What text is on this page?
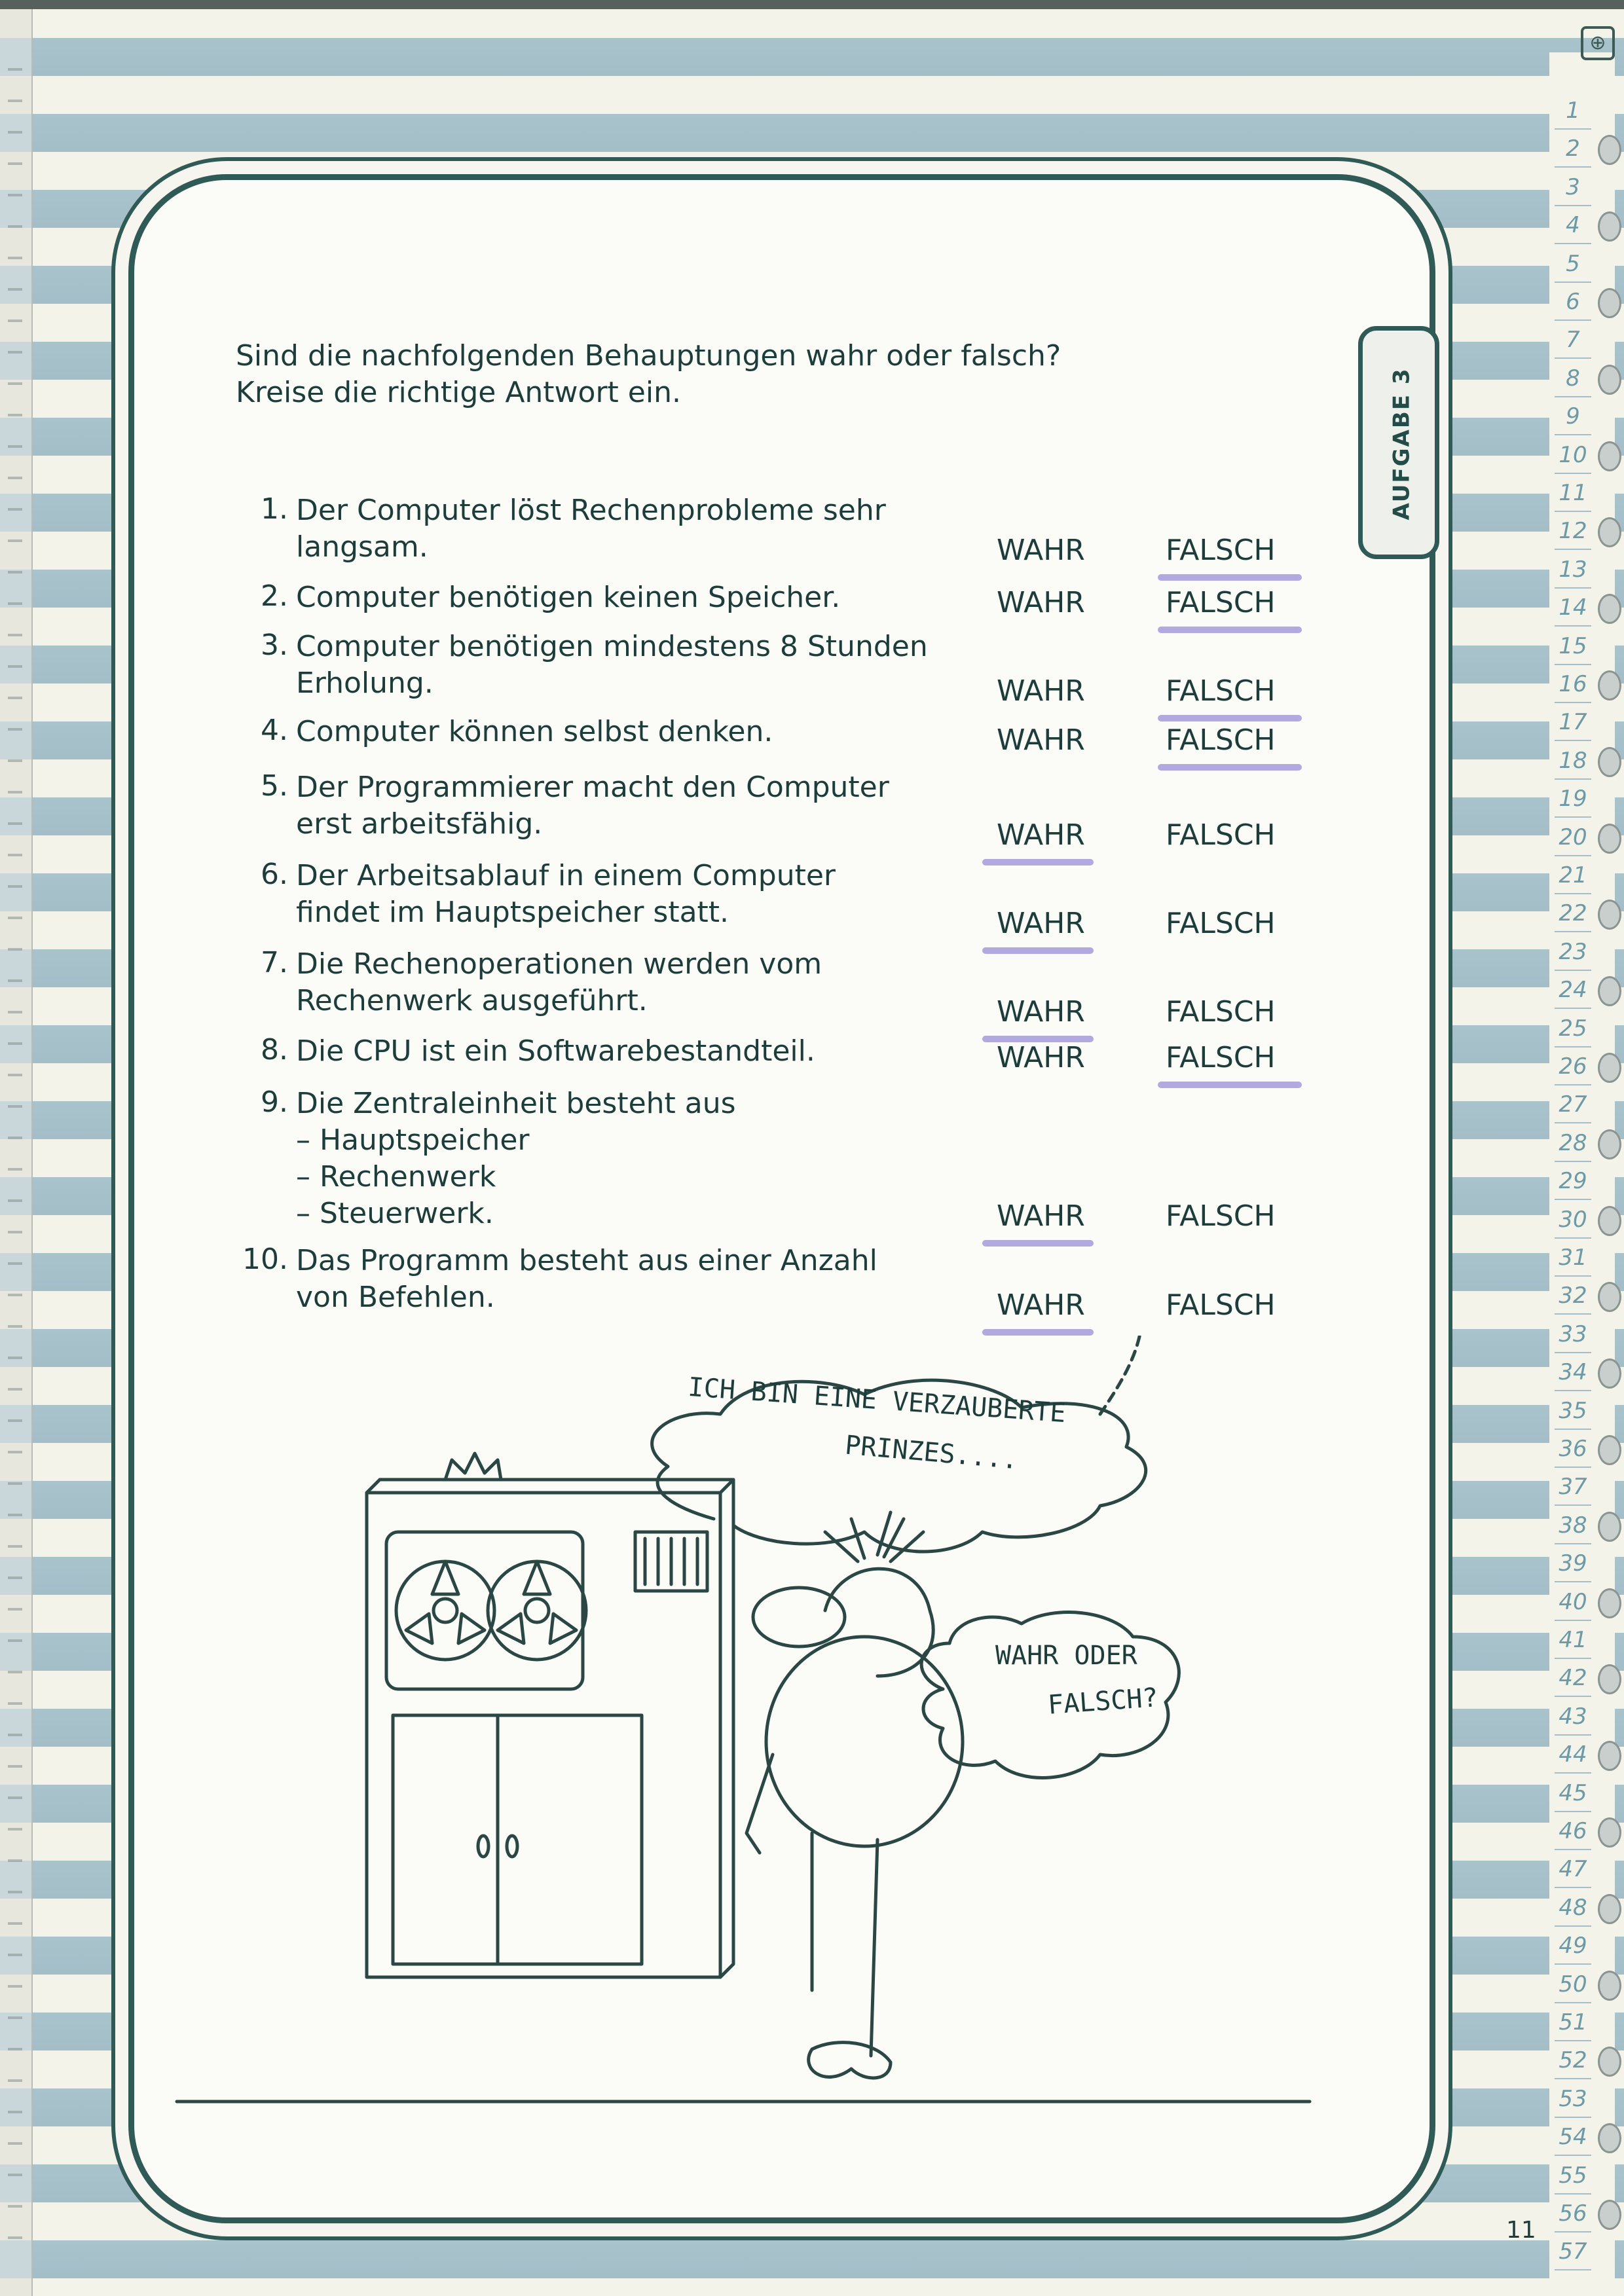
1
2
3
4
5
6
7
8
9
10
11
12
13
14
15
16
17
18
19
20
21
22
23
24
25
26
27
28
29
30
31
32
33
34
35
36
37
38
39
40
41
42
43
44
45
46
47
48
49
50
51
52
53
54
55
56
57
⊕
AUFGABE 3
Sind die nachfolgenden Behauptungen wahr oder falsch?
Kreise die richtige Antwort ein.
1. Der Computer löst Rechenprobleme sehr
langsam.	WAHR	FALSCH
2. Computer benötigen keinen Speicher.	WAHR	FALSCH
3. Computer benötigen mindestens 8 Stunden
Erholung.	WAHR	FALSCH
4. Computer können selbst denken.	WAHR	FALSCH
5. Der Programmierer macht den Computer
erst arbeitsfähig.	WAHR	FALSCH
6. Der Arbeitsablauf in einem Computer
findet im Hauptspeicher statt.	WAHR	FALSCH
7. Die Rechenoperationen werden vom
Rechenwerk ausgeführt.	WAHR	FALSCH
8. Die CPU ist ein Softwarebestandteil.	WAHR	FALSCH
9. Die Zentraleinheit besteht aus
– Hauptspeicher
– Rechenwerk
– Steuerwerk.	WAHR	FALSCH
10. Das Programm besteht aus einer Anzahl
von Befehlen.	WAHR	FALSCH
ICH BIN EINE VERZAUBERTE
PRINZES....
WAHR ODER
FALSCH?
11
